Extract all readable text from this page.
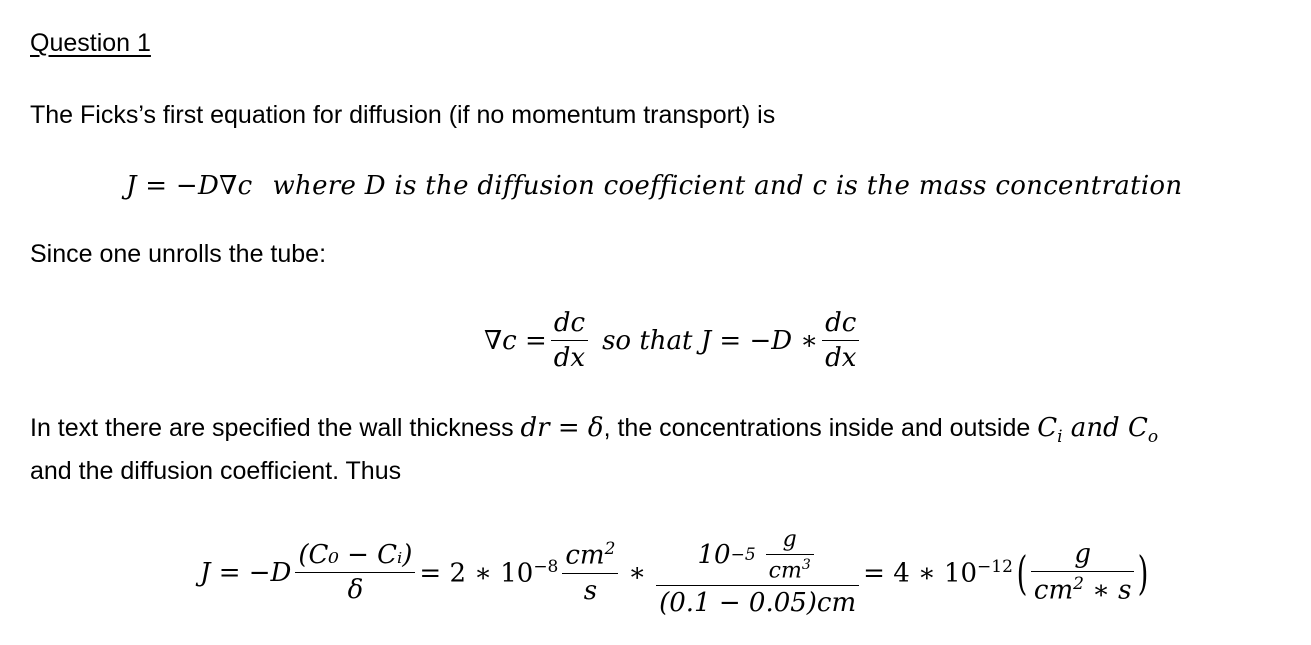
Question 1
The Ficks’s first equation for diffusion (if no momentum transport) is
J = −D∇c where D is the diffusion coefficient and c is the mass concentration
Since one unrolls the tube:
$\nabla c = \frac{dc}{dx}$ so that J = −D ∗ $\frac{dc}{dx}$
In text there are specified the wall thickness dr = δ, the concentrations inside and outside $C_i$ and $C_o$
and the diffusion coefficient. Thus
$J = -D \frac{\text{(C₀ − Cᵢ)}}{\delta} = 2$ ∗ $10^{-8} \frac{cm^2}{s}$ ∗ $\frac{10 -5 \frac{g}{cm^3}}{(0.1 - 0.05)cm} = 4$ ∗ $10^{-12}$ ( $\frac{g}{cm^2 ∗ s}$ )
